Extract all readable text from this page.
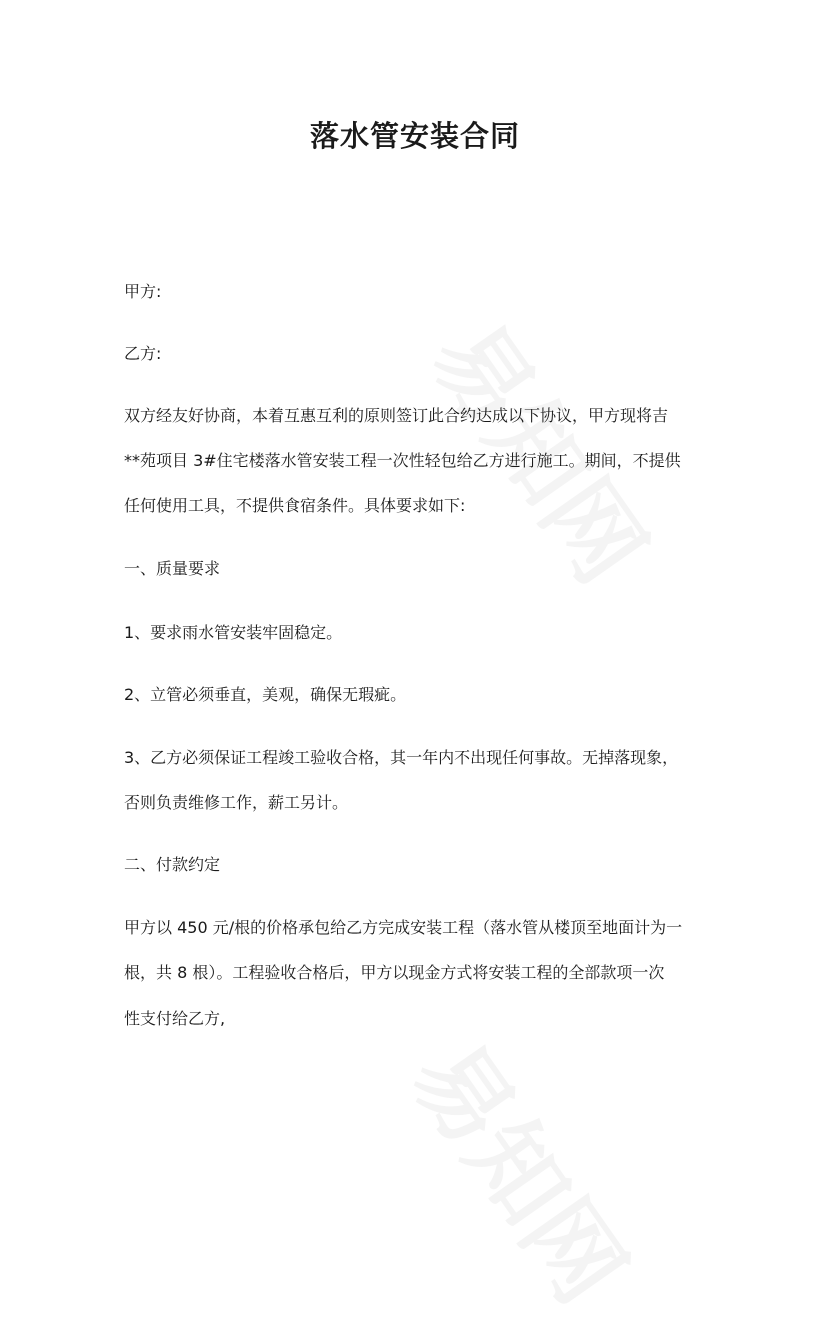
落水管安装合同

甲方:

乙方:

双方经友好协商，本着互惠互利的原则签订此合约达成以下协议，甲方现将吉

**苑项目 3#住宅楼落水管安装工程一次性轻包给乙方进行施工。期间，不提供

任何使用工具，不提供食宿条件。具体要求如下:

一、质量要求

1、要求雨水管安装牢固稳定。

2、立管必须垂直，美观，确保无瑕疵。

3、乙方必须保证工程竣工验收合格，其一年内不出现任何事故。无掉落现象，

否则负责维修工作，薪工另计。

二、付款约定

甲方以 450 元/根的价格承包给乙方完成安装工程（落水管从楼顶至地面计为一

根，共 8 根）。工程验收合格后，甲方以现金方式将安装工程的全部款项一次

性支付给乙方,
